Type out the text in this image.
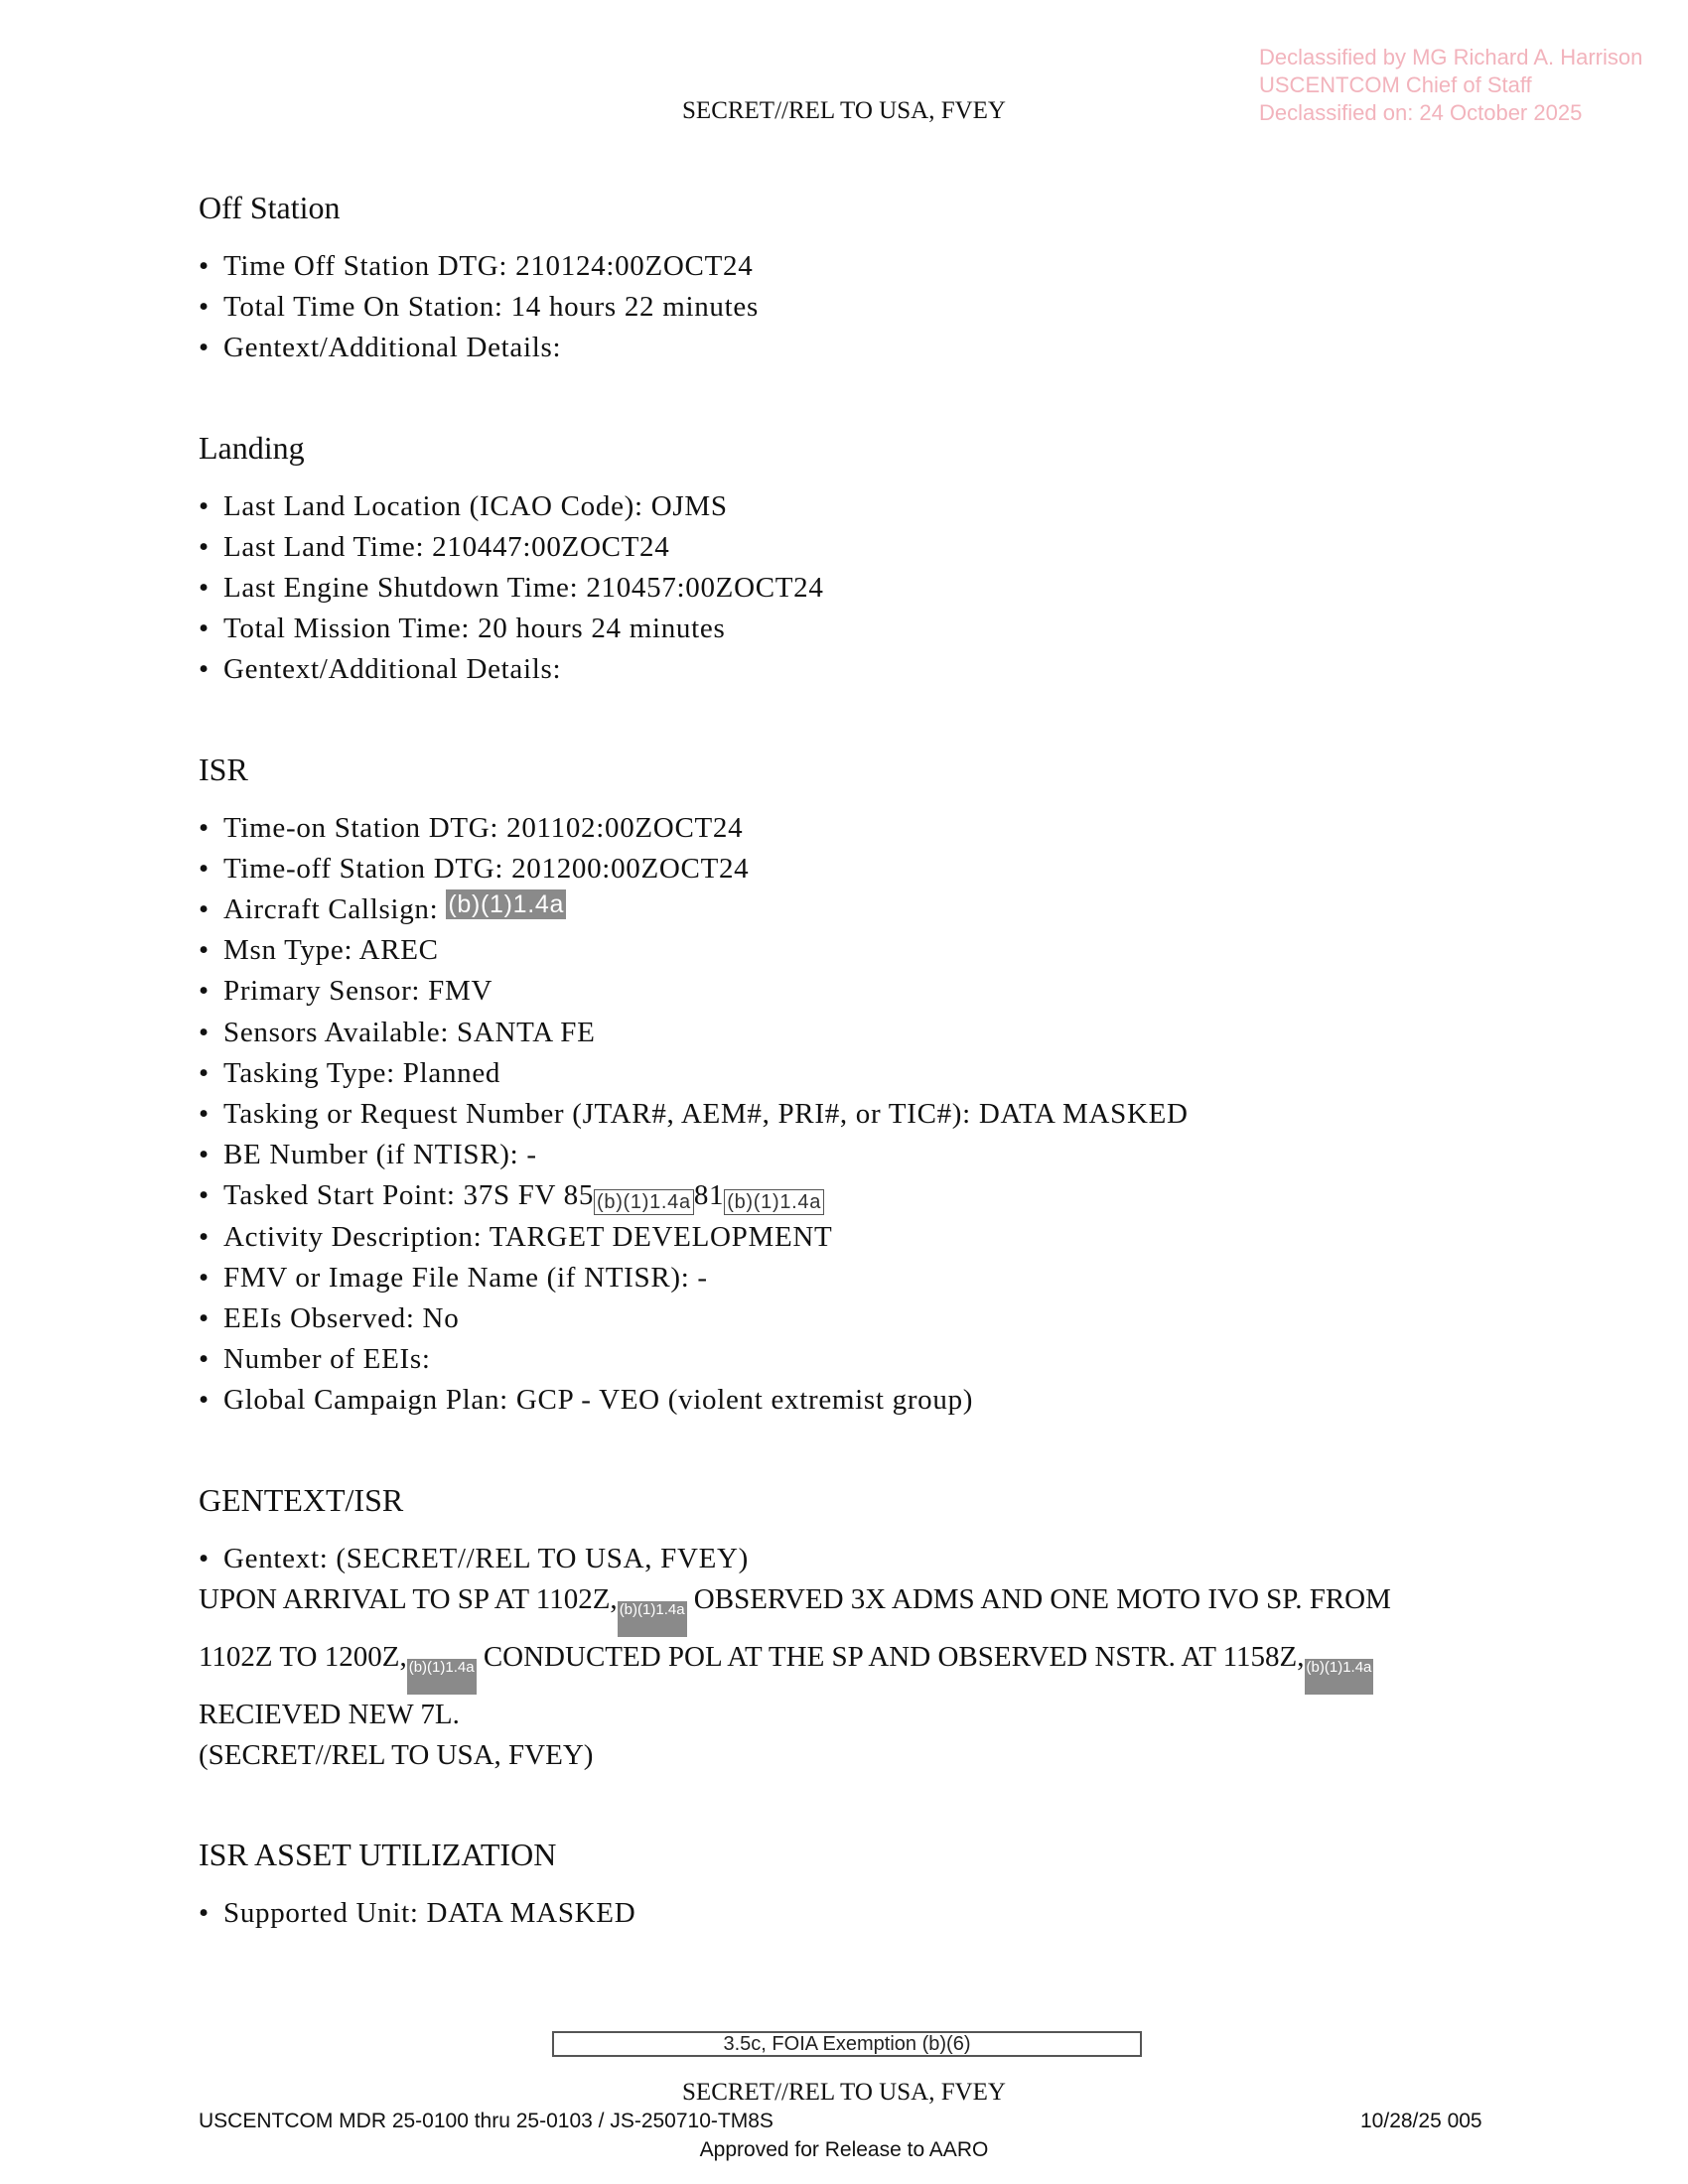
Declassified by MG Richard A. Harrison
USCENTCOM Chief of Staff
Declassified on: 24 October 2025
SECRET//REL TO USA, FVEY
Off Station
• Time Off Station DTG: 210124:00ZOCT24
• Total Time On Station: 14 hours 22 minutes
• Gentext/Additional Details:
Landing
• Last Land Location (ICAO Code): OJMS
• Last Land Time: 210447:00ZOCT24
• Last Engine Shutdown Time: 210457:00ZOCT24
• Total Mission Time: 20 hours 24 minutes
• Gentext/Additional Details:
ISR
• Time-on Station DTG: 201102:00ZOCT24
• Time-off Station DTG: 201200:00ZOCT24
• Aircraft Callsign: (b)(1)1.4a
• Msn Type: AREC
• Primary Sensor: FMV
• Sensors Available: SANTA FE
• Tasking Type: Planned
• Tasking or Request Number (JTAR#, AEM#, PRI#, or TIC#): DATA MASKED
• BE Number (if NTISR): -
• Tasked Start Point: 37S FV 85 (b)(1)1.4a 81 (b)(1)1.4a
• Activity Description: TARGET DEVELOPMENT
• FMV or Image File Name (if NTISR): -
• EEIs Observed: No
• Number of EEIs:
• Global Campaign Plan: GCP - VEO (violent extremist group)
GENTEXT/ISR
• Gentext: (SECRET//REL TO USA, FVEY)
UPON ARRIVAL TO SP AT 1102Z, (b)(1)1.4a OBSERVED 3X ADMS AND ONE MOTO IVO SP. FROM
1102Z TO 1200Z, (b)(1)1.4a CONDUCTED POL AT THE SP AND OBSERVED NSTR. AT 1158Z, (b)(1)1.4a
RECIEVED NEW 7L.
(SECRET//REL TO USA, FVEY)
ISR ASSET UTILIZATION
• Supported Unit: DATA MASKED
3.5c, FOIA Exemption (b)(6)
SECRET//REL TO USA, FVEY
USCENTCOM MDR 25-0100 thru 25-0103 / JS-250710-TM8S	10/28/25 005
Approved for Release to AARO
